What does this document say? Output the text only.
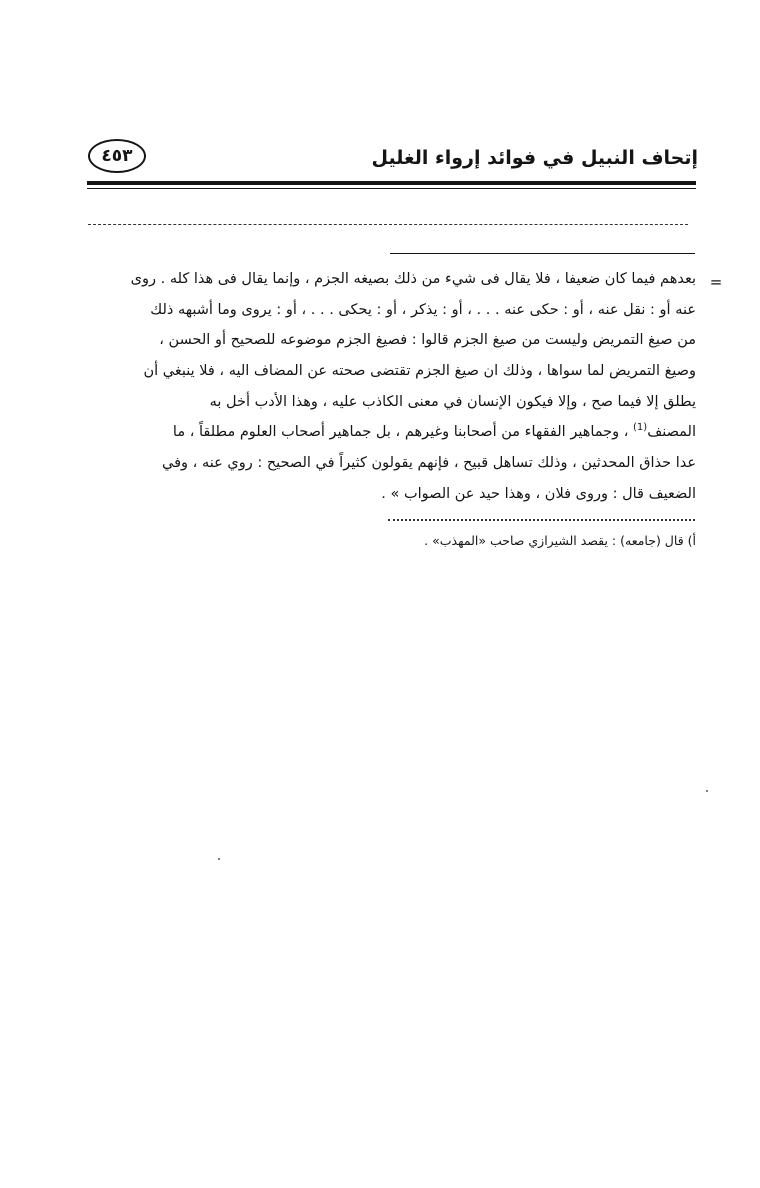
إتحاف النبيل في فوائد إرواء الغليل
٤٥٣
=
بعدهم فيما كان ضعيفا ، فلا يقال فى شيء من ذلك بصيغه الجزم ، وإنما يقال فى هذا كله . روى
عنه أو : نقل عنه ، أو : حكى عنه . . . ، أو : يذكر ، أو : يحكى . . . ، أو : يروى وما أشبهه ذلك
من صيغ التمريض وليست من صيغ الجزم قالوا : فصيغ الجزم موضوعه للصحيح أو الحسن ،
وصيغ التمريض لما سواها ، وذلك ان صيغ الجزم تقتضى صحته عن المضاف اليه ، فلا ينبغي أن
يطلق إلا فيما صح ، وإلا فيكون الإنسان في معنى الكاذب عليه ، وهذا الأدب أخل به
المصنف$^{(1)}$ ، وجماهير الفقهاء من أصحابنا وغيرهم ، بل جماهير أصحاب العلوم مطلقاً ، ما
عدا حذاق المحدثين ، وذلك تساهل قبيح ، فإنهم يقولون كثيراً في الصحيح : روي عنه ، وفي
الضعيف قال : وروى فلان ، وهذا حيد عن الصواب » .
أ) قال (جامعه) : يقصد الشيرازي صاحب «المهذب» .
